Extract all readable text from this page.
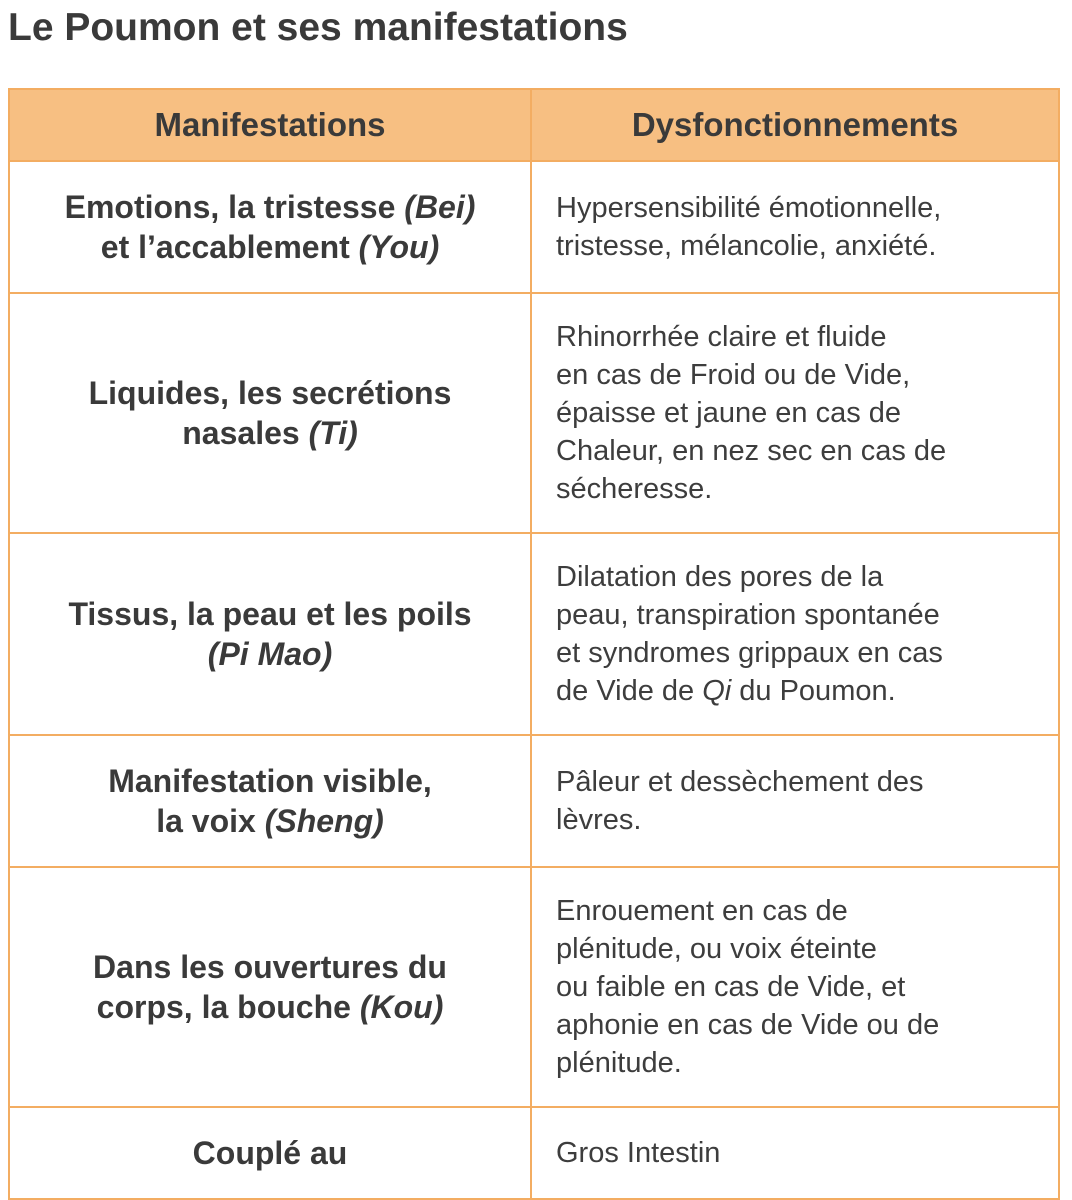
Le Poumon et ses manifestations
Manifestations	Dysfonctionnements

Emotions, la tristesse (Bei)
et l’accablement (You)	Hypersensibilité émotionnelle,
tristesse, mélancolie, anxiété.

Liquides, les secrétions
nasales (Ti)	Rhinorrhée claire et fluide
en cas de Froid ou de Vide,
épaisse et jaune en cas de
Chaleur, en nez sec en cas de
sécheresse.

Tissus, la peau et les poils
(Pi Mao)	Dilatation des pores de la
peau, transpiration spontanée
et syndromes grippaux en cas
de Vide de Qi du Poumon.

Manifestation visible,
la voix (Sheng)	Pâleur et dessèchement des
lèvres.

Dans les ouvertures du
corps, la bouche (Kou)	Enrouement en cas de
plénitude, ou voix éteinte
ou faible en cas de Vide, et
aphonie en cas de Vide ou de
plénitude.

Couplé au	Gros Intestin
